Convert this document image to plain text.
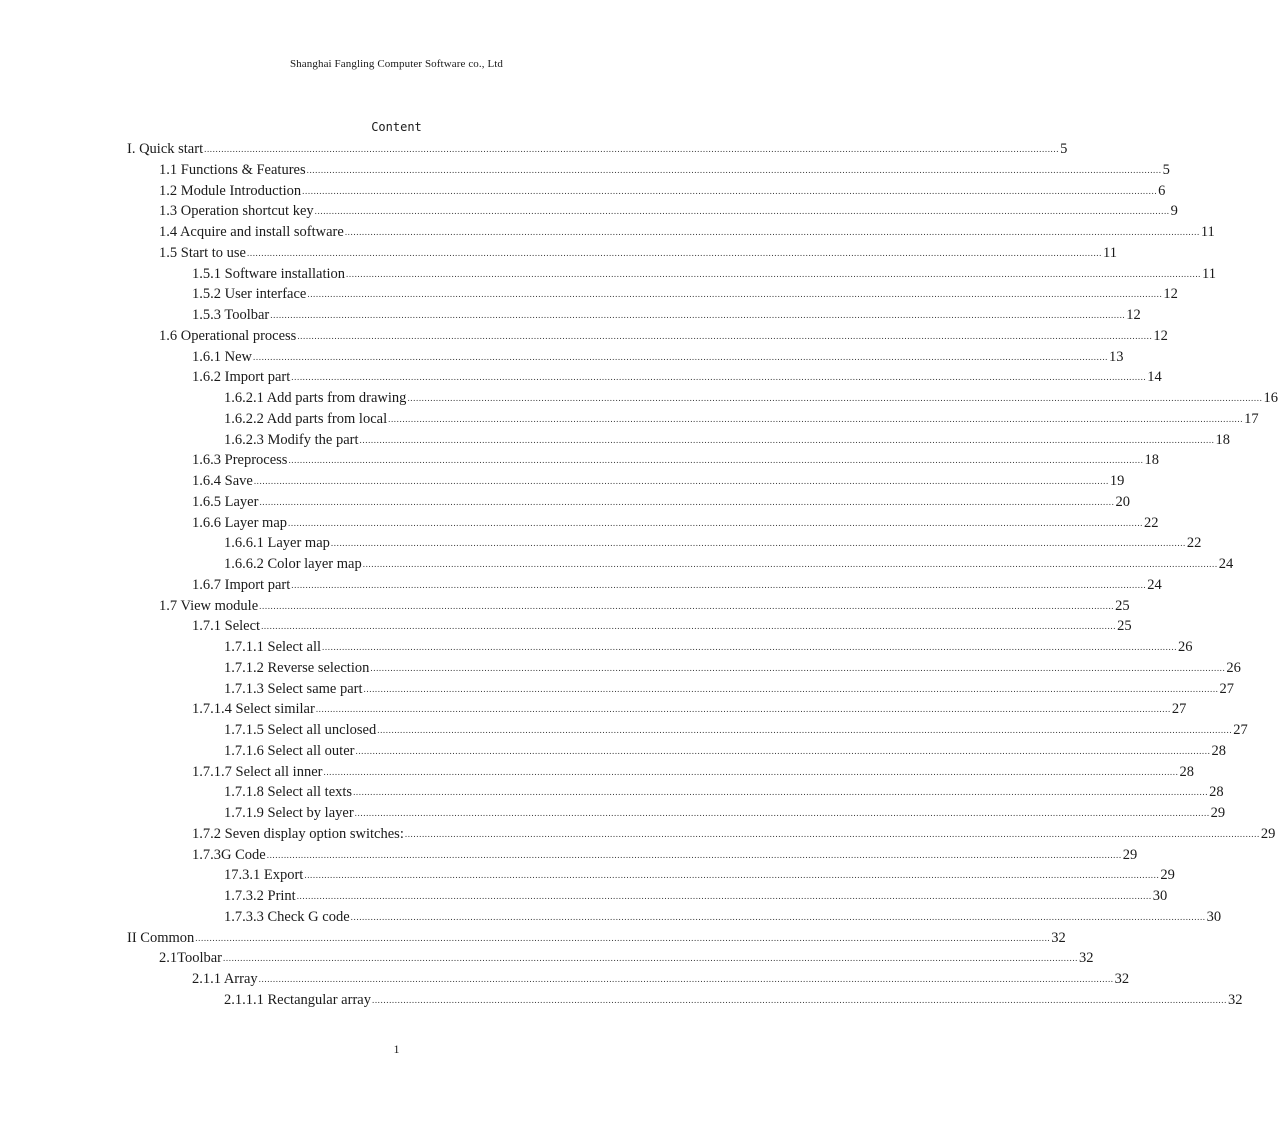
Shanghai Fangling Computer Software co., Ltd
Content
I. Quick start ............................................................................................................................................................................................................................................................................................................ 5
1.1 Functions & Features ............................................................................................................................................................................................................................................................................................................ 5
1.2 Module Introduction ............................................................................................................................................................................................................................................................................................................ 6
1.3 Operation shortcut key ............................................................................................................................................................................................................................................................................................................ 9
1.4 Acquire and install software ............................................................................................................................................................................................................................................................................................................ 11
1.5 Start to use ............................................................................................................................................................................................................................................................................................................ 11
1.5.1 Software installation ............................................................................................................................................................................................................................................................................................................ 11
1.5.2 User interface ............................................................................................................................................................................................................................................................................................................ 12
1.5.3 Toolbar ............................................................................................................................................................................................................................................................................................................ 12
1.6 Operational process ............................................................................................................................................................................................................................................................................................................ 12
1.6.1 New ............................................................................................................................................................................................................................................................................................................ 13
1.6.2 Import part ............................................................................................................................................................................................................................................................................................................ 14
1.6.2.1 Add parts from drawing ............................................................................................................................................................................................................................................................................................................ 16
1.6.2.2 Add parts from local ............................................................................................................................................................................................................................................................................................................ 17
1.6.2.3 Modify the part ............................................................................................................................................................................................................................................................................................................ 18
1.6.3 Preprocess ............................................................................................................................................................................................................................................................................................................ 18
1.6.4 Save ............................................................................................................................................................................................................................................................................................................ 19
1.6.5 Layer ............................................................................................................................................................................................................................................................................................................ 20
1.6.6 Layer map ............................................................................................................................................................................................................................................................................................................ 22
1.6.6.1 Layer map ............................................................................................................................................................................................................................................................................................................ 22
1.6.6.2 Color layer map ............................................................................................................................................................................................................................................................................................................ 24
1.6.7 Import part ............................................................................................................................................................................................................................................................................................................ 24
1.7 View module ............................................................................................................................................................................................................................................................................................................ 25
1.7.1 Select ............................................................................................................................................................................................................................................................................................................ 25
1.7.1.1 Select all ............................................................................................................................................................................................................................................................................................................ 26
1.7.1.2 Reverse selection ............................................................................................................................................................................................................................................................................................................ 26
1.7.1.3 Select same part ............................................................................................................................................................................................................................................................................................................ 27
1.7.1.4 Select similar ............................................................................................................................................................................................................................................................................................................ 27
1.7.1.5 Select all unclosed ............................................................................................................................................................................................................................................................................................................ 27
1.7.1.6 Select all outer ............................................................................................................................................................................................................................................................................................................ 28
1.7.1.7 Select all inner ............................................................................................................................................................................................................................................................................................................ 28
1.7.1.8 Select all texts ............................................................................................................................................................................................................................................................................................................ 28
1.7.1.9 Select by layer ............................................................................................................................................................................................................................................................................................................ 29
1.7.2 Seven display option switches: ............................................................................................................................................................................................................................................................................................................ 29
1.7.3G Code ............................................................................................................................................................................................................................................................................................................ 29
17.3.1 Export ............................................................................................................................................................................................................................................................................................................ 29
1.7.3.2 Print ............................................................................................................................................................................................................................................................................................................ 30
1.7.3.3 Check G code ............................................................................................................................................................................................................................................................................................................ 30
II Common ............................................................................................................................................................................................................................................................................................................ 32
2.1Toolbar ............................................................................................................................................................................................................................................................................................................ 32
2.1.1 Array ............................................................................................................................................................................................................................................................................................................ 32
2.1.1.1 Rectangular array ............................................................................................................................................................................................................................................................................................................ 32
1
